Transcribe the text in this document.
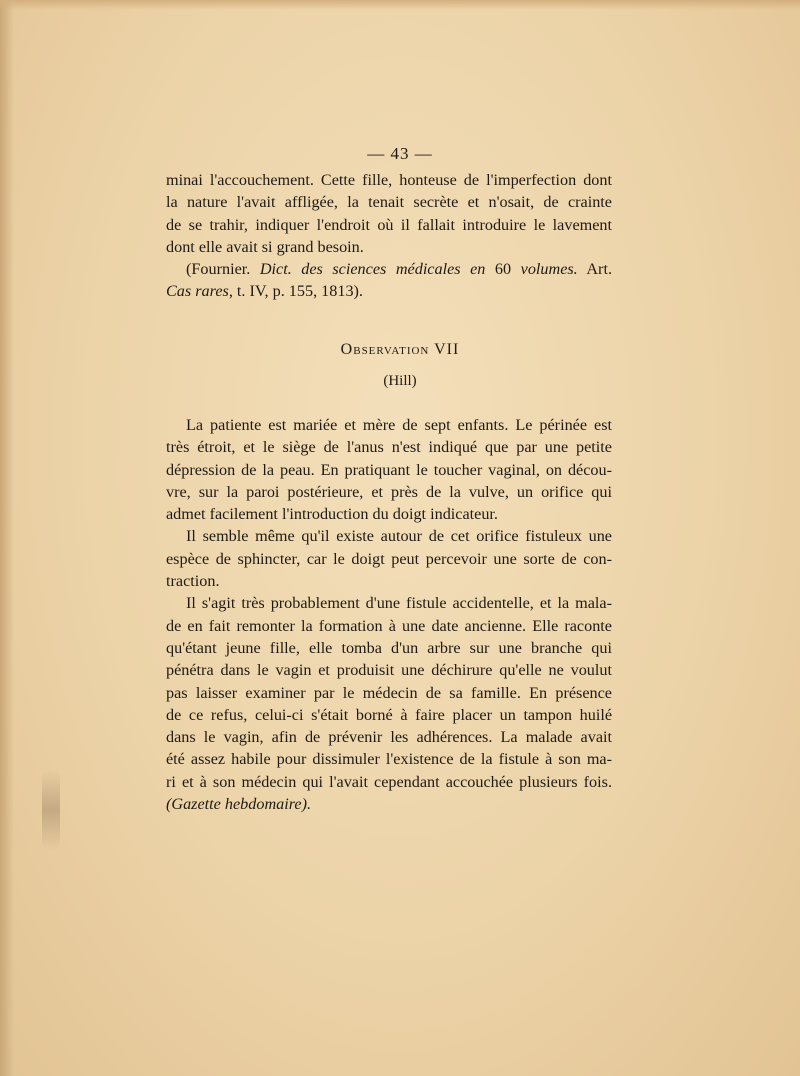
— 43 —
minai l'accouchement. Cette fille, honteuse de l'imperfection dont
la nature l'avait affligée, la tenait secrète et n'osait, de crainte
de se trahir, indiquer l'endroit où il fallait introduire le lavement
dont elle avait si grand besoin.
(Fournier. Dict. des sciences médicales en 60 volumes. Art.
Cas rares, t. IV, p. 155, 1813).
Observation VII
(Hill)
La patiente est mariée et mère de sept enfants. Le périnée est
très étroit, et le siège de l'anus n'est indiqué que par une petite
dépression de la peau. En pratiquant le toucher vaginal, on décou-
vre, sur la paroi postérieure, et près de la vulve, un orifice qui
admet facilement l'introduction du doigt indicateur.
Il semble même qu'il existe autour de cet orifice fistuleux une
espèce de sphincter, car le doigt peut percevoir une sorte de con-
traction.
Il s'agit très probablement d'une fistule accidentelle, et la mala-
de en fait remonter la formation à une date ancienne. Elle raconte
qu'étant jeune fille, elle tomba d'un arbre sur une branche qui
pénétra dans le vagin et produisit une déchirure qu'elle ne voulut
pas laisser examiner par le médecin de sa famille. En présence
de ce refus, celui-ci s'était borné à faire placer un tampon huilé
dans le vagin, afin de prévenir les adhérences. La malade avait
été assez habile pour dissimuler l'existence de la fistule à son ma-
ri et à son médecin qui l'avait cependant accouchée plusieurs fois.
(Gazette hebdomaire).
